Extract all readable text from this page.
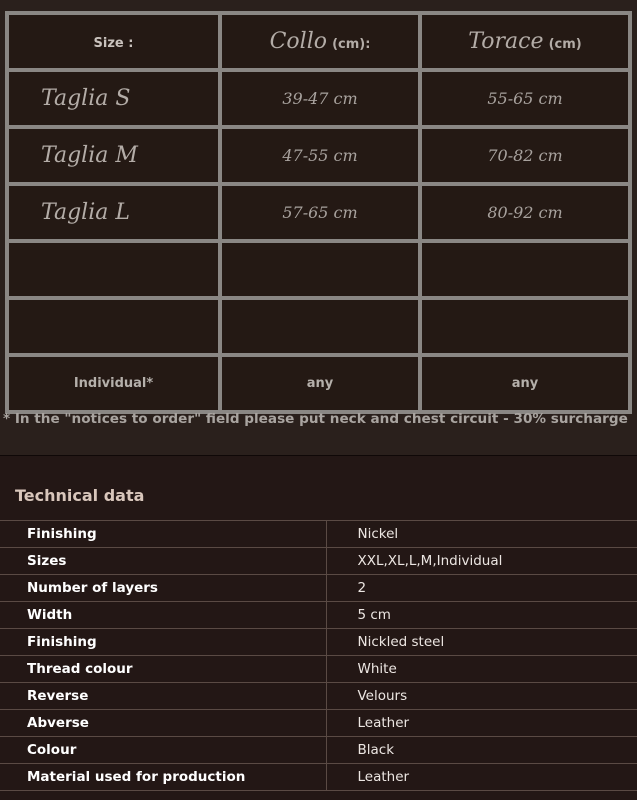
Size :	Collo (cm):	Torace (cm)
Taglia S	39-47 cm	55-65 cm
Taglia M	47-55 cm	70-82 cm
Taglia L	57-65 cm	80-92 cm

Individual*	any	any
* In the "notices to order" field please put neck and chest circuit - 30% surcharge
Technical data
Finishing	Nickel
Sizes	XXL,XL,L,M,Individual
Number of layers	2
Width	5 cm
Finishing	Nickled steel
Thread colour	White
Reverse	Velours
Abverse	Leather
Colour	Black
Material used for production	Leather
